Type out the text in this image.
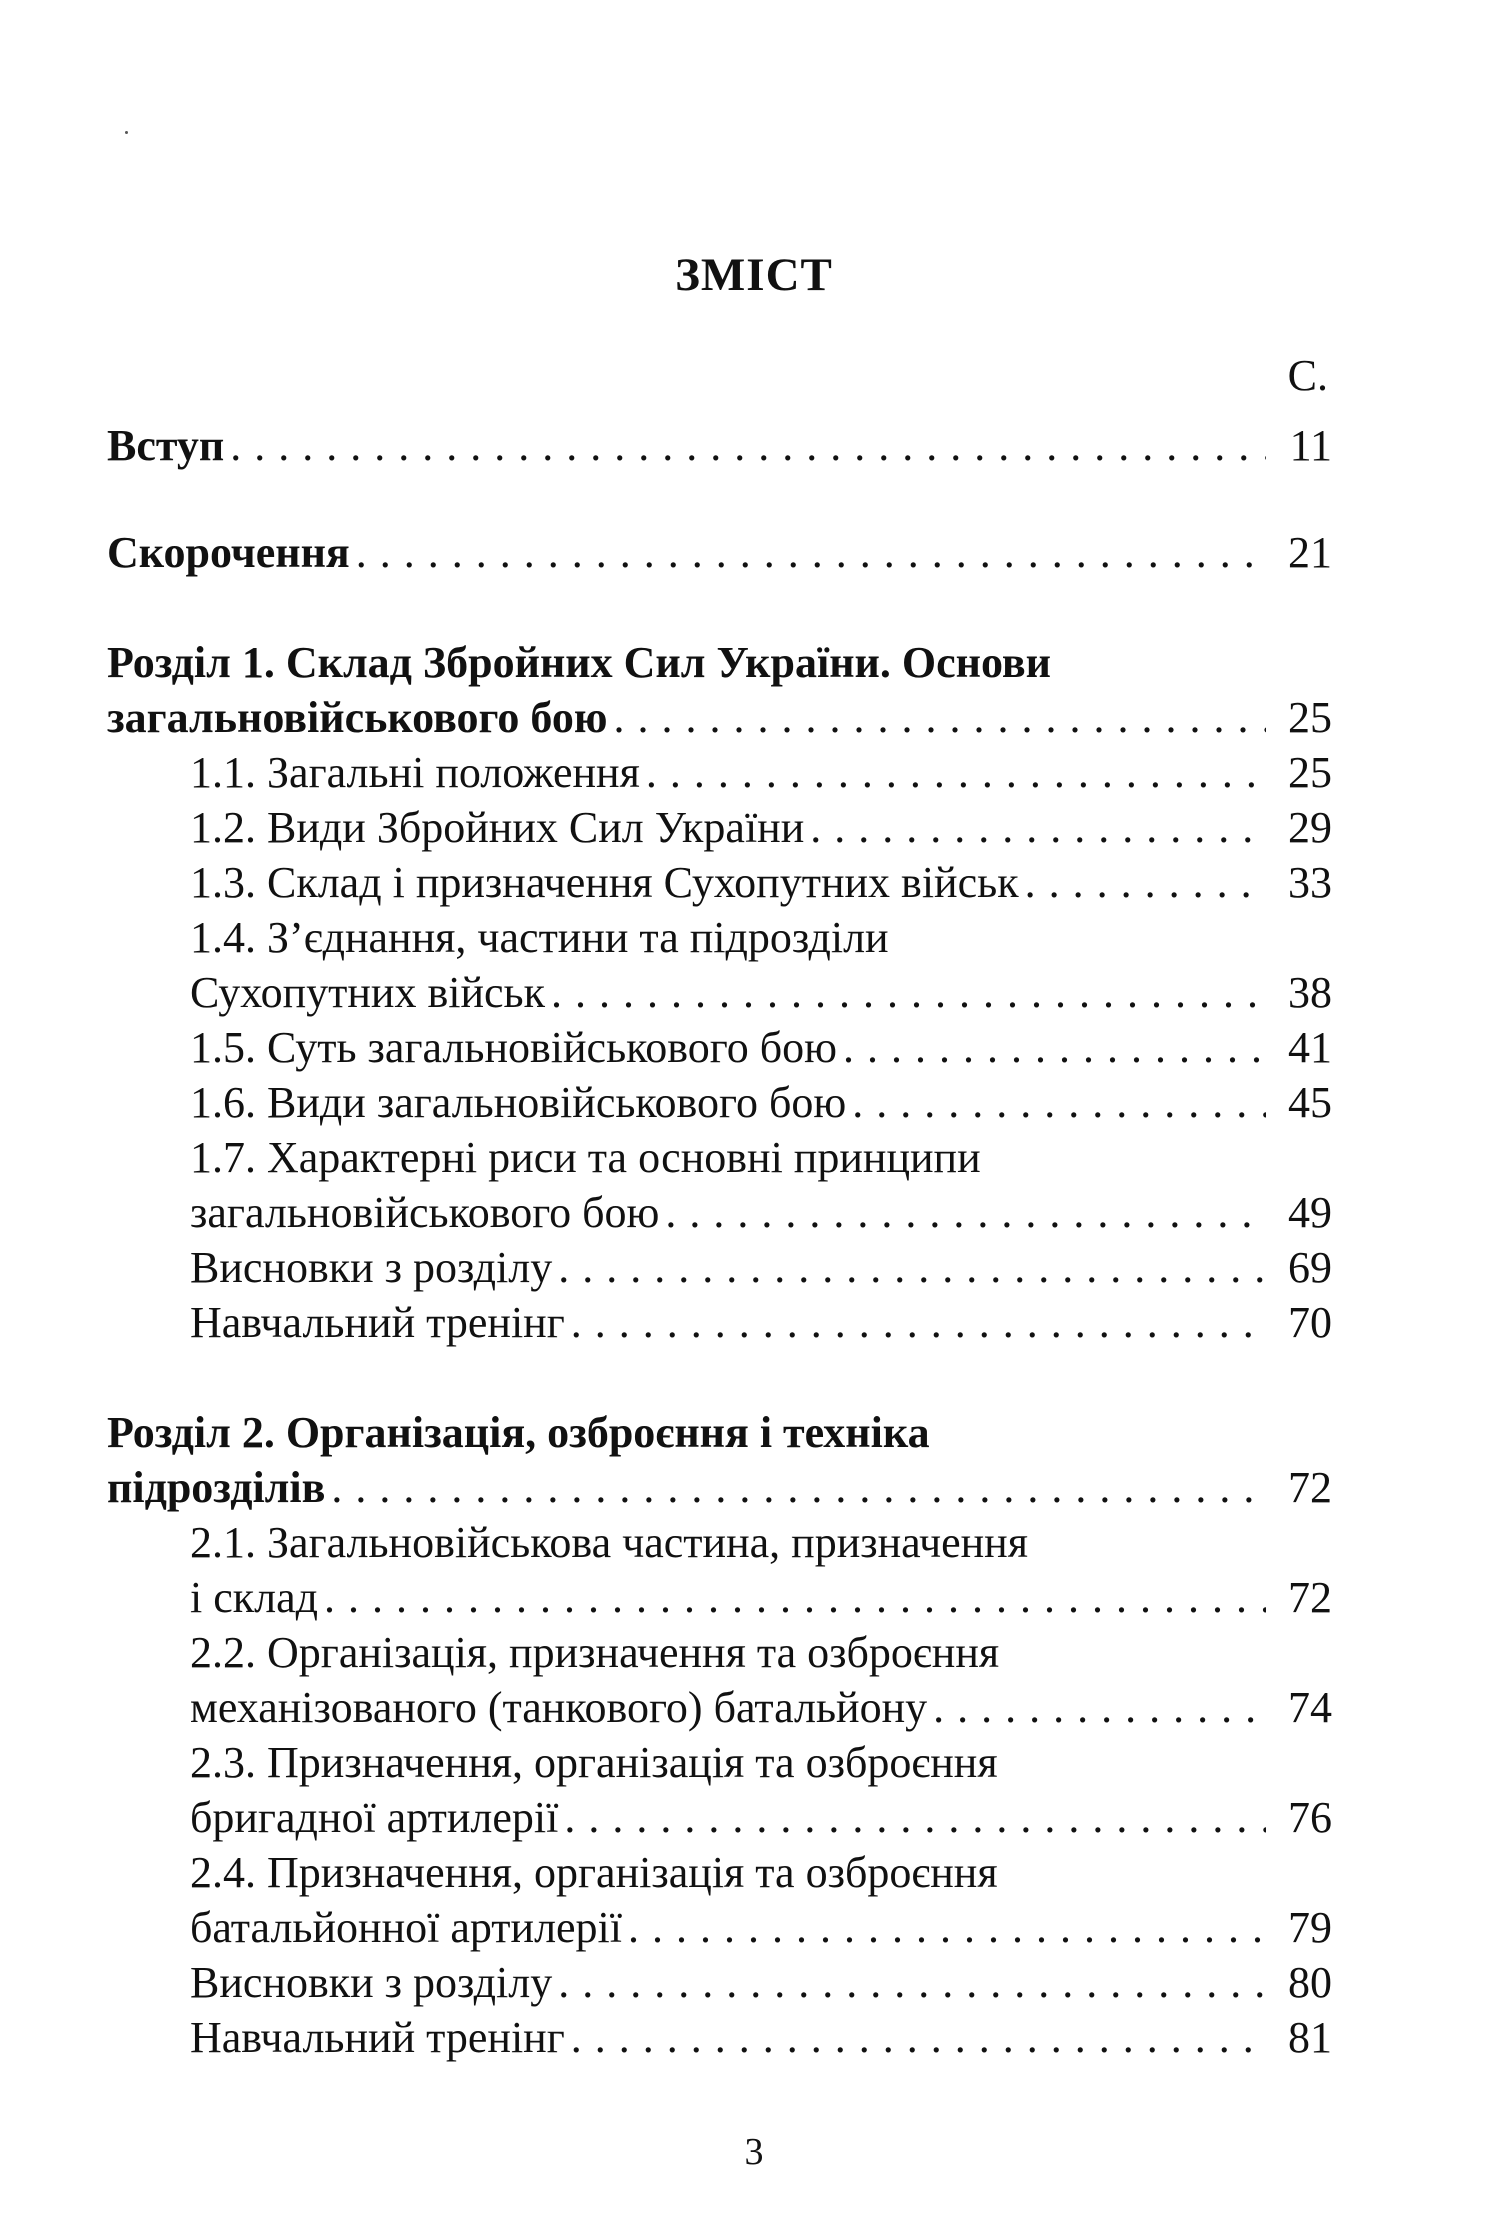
ЗМІСТ
С.
Вступ . . .	11
Скорочення . . .	21
Розділ 1. Склад Збройних Сил України. Основи
загальновійськового бою . . .	25
1.1. Загальні положення . . .	25
1.2. Види Збройних Сил України . . .	29
1.3. Склад і призначення Сухопутних військ . . .	33
1.4. З’єднання, частини та підрозділи
Сухопутних військ . . .	38
1.5. Суть загальновійськового бою . . .	41
1.6. Види загальновійськового бою . . .	45
1.7. Характерні риси та основні принципи
загальновійськового бою . . .	49
Висновки з розділу . . .	69
Навчальний тренінг . . .	70
Розділ 2. Організація, озброєння і техніка
підрозділів . . .	72
2.1. Загальновійськова частина, призначення
і склад . . .	72
2.2. Організація, призначення та озброєння
механізованого (танкового) батальйону . . .	74
2.3. Призначення, організація та озброєння
бригадної артилерії . . .	76
2.4. Призначення, організація та озброєння
батальйонної артилерії . . .	79
Висновки з розділу . . .	80
Навчальний тренінг . . .	81
3
